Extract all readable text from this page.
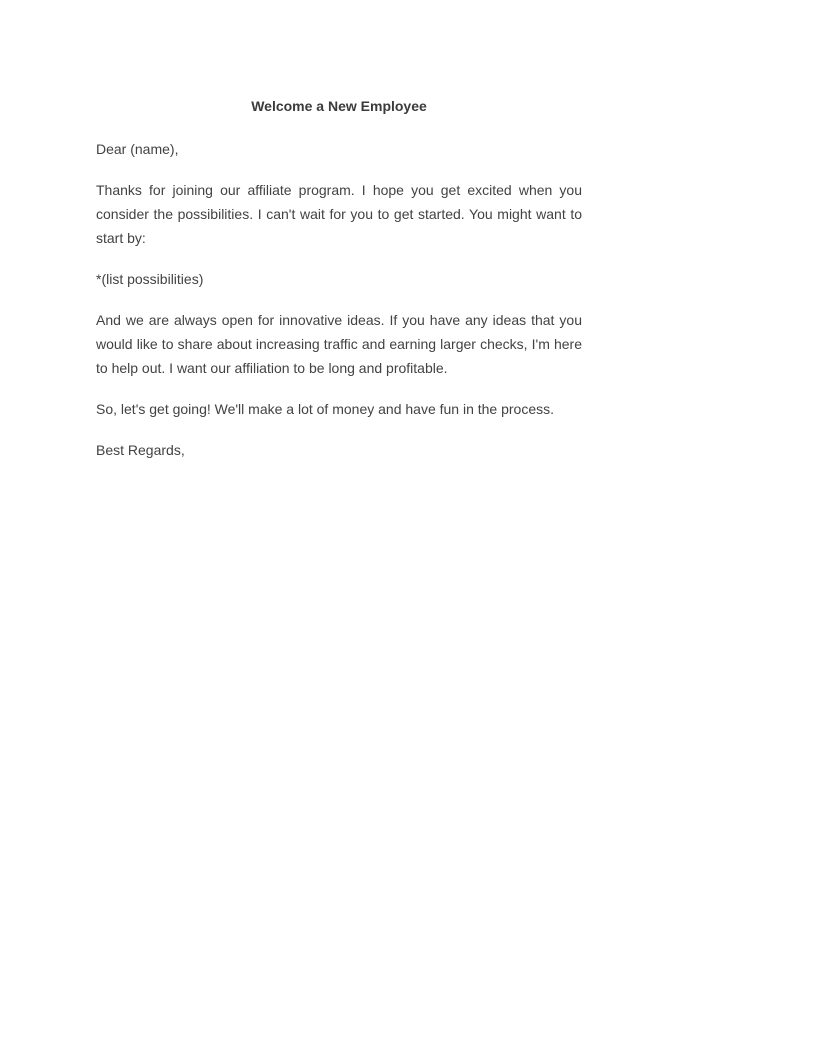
Welcome a New Employee

Dear (name),

Thanks for joining our affiliate program. I hope you get excited when you consider the possibilities. I can't wait for you to get started. You might want to start by:

*(list possibilities)

And we are always open for innovative ideas. If you have any ideas that you would like to share about increasing traffic and earning larger checks, I'm here to help out. I want our affiliation to be long and profitable.

So, let's get going! We'll make a lot of money and have fun in the process.

Best Regards,
